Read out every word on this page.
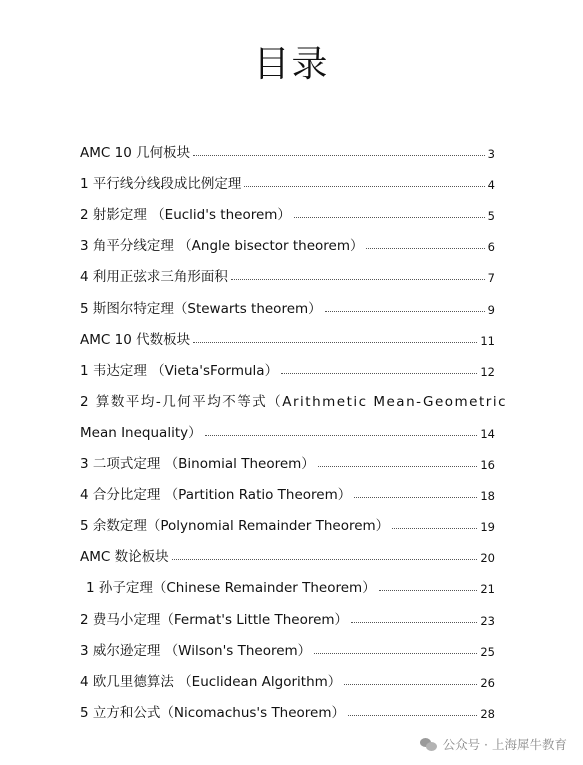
目录
AMC 10 几何板块	3
1 平行线分线段成比例定理	4
2 射影定理 （Euclid's theorem）	5
3 角平分线定理 （Angle bisector theorem）	6
4 利用正弦求三角形面积	7
5 斯图尔特定理（Stewarts theorem）	9
AMC 10 代数板块	11
1 韦达定理 （Vieta'sFormula）	12
2 算数平均-几何平均不等式（Arithmetic Mean-Geometric
Mean Inequality）	14
3 二项式定理 （Binomial Theorem）	16
4 合分比定理 （Partition Ratio Theorem）	18
5 余数定理（Polynomial Remainder Theorem）	19
AMC 数论板块	20
1 孙子定理（Chinese Remainder Theorem）	21
2 费马小定理（Fermat's Little Theorem）	23
3 威尔逊定理 （Wilson's Theorem）	25
4 欧几里德算法 （Euclidean Algorithm）	26
5 立方和公式（Nicomachus's Theorem）	28
公众号 · 上海犀牛教育
